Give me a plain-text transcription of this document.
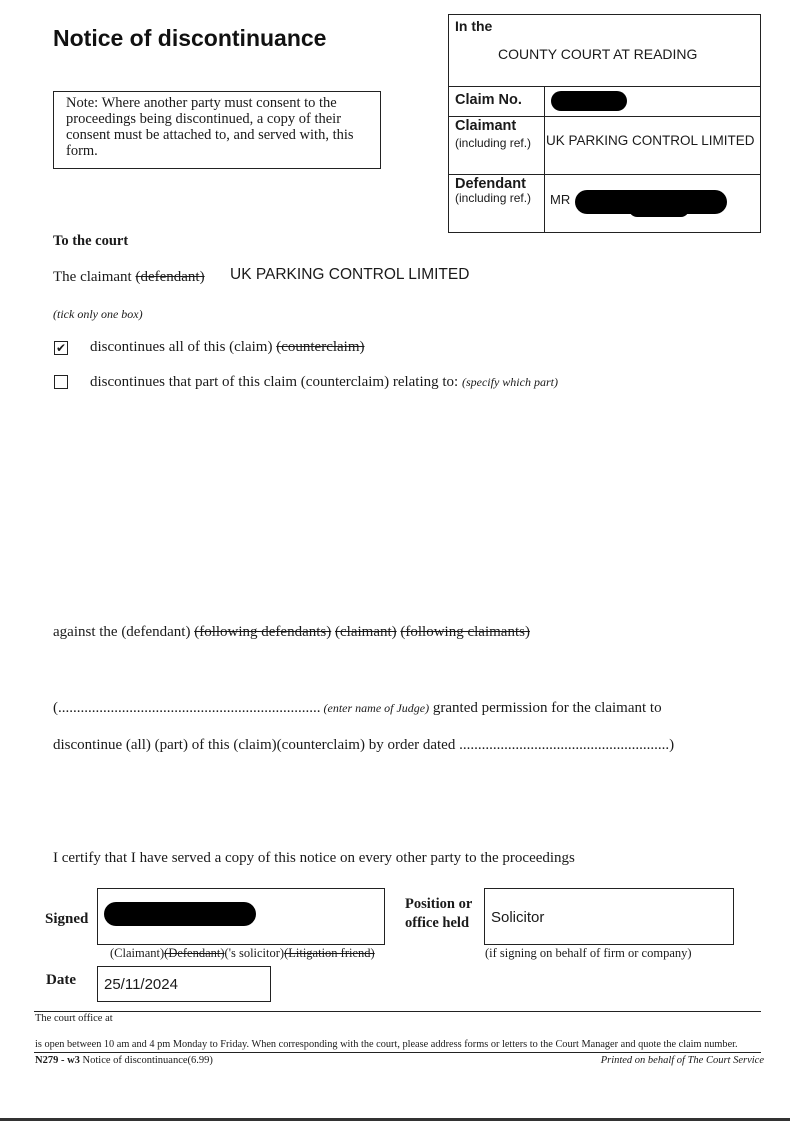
Notice of discontinuance
Note: Where another party must consent to the proceedings being discontinued, a copy of their consent must be attached to, and served with, this form.
In the
COUNTY COURT AT READING
Claim No.
Claimant
(including ref.) UK PARKING CONTROL LIMITED
Defendant
(including ref.) MR
To the court
The claimant (defendant) UK PARKING CONTROL LIMITED
(tick only one box)
✔ discontinues all of this (claim) (counterclaim)
discontinues that part of this claim (counterclaim) relating to: (specify which part)
against the (defendant) (following defendants) (claimant) (following claimants)
(...................................................................... (enter name of Judge) granted permission for the claimant to
discontinue (all) (part) of this (claim)(counterclaim) by order dated ........................................................)
I certify that I have served a copy of this notice on every other party to the proceedings
Signed
(Claimant)(Defendant)('s solicitor)(Litigation friend)
Position or
office held Solicitor
(if signing on behalf of firm or company)
Date 25/11/2024
The court office at
is open between 10 am and 4 pm Monday to Friday. When corresponding with the court, please address forms or letters to the Court Manager and quote the claim number.
N279 - w3 Notice of discontinuance(6.99)	Printed on behalf of The Court Service
